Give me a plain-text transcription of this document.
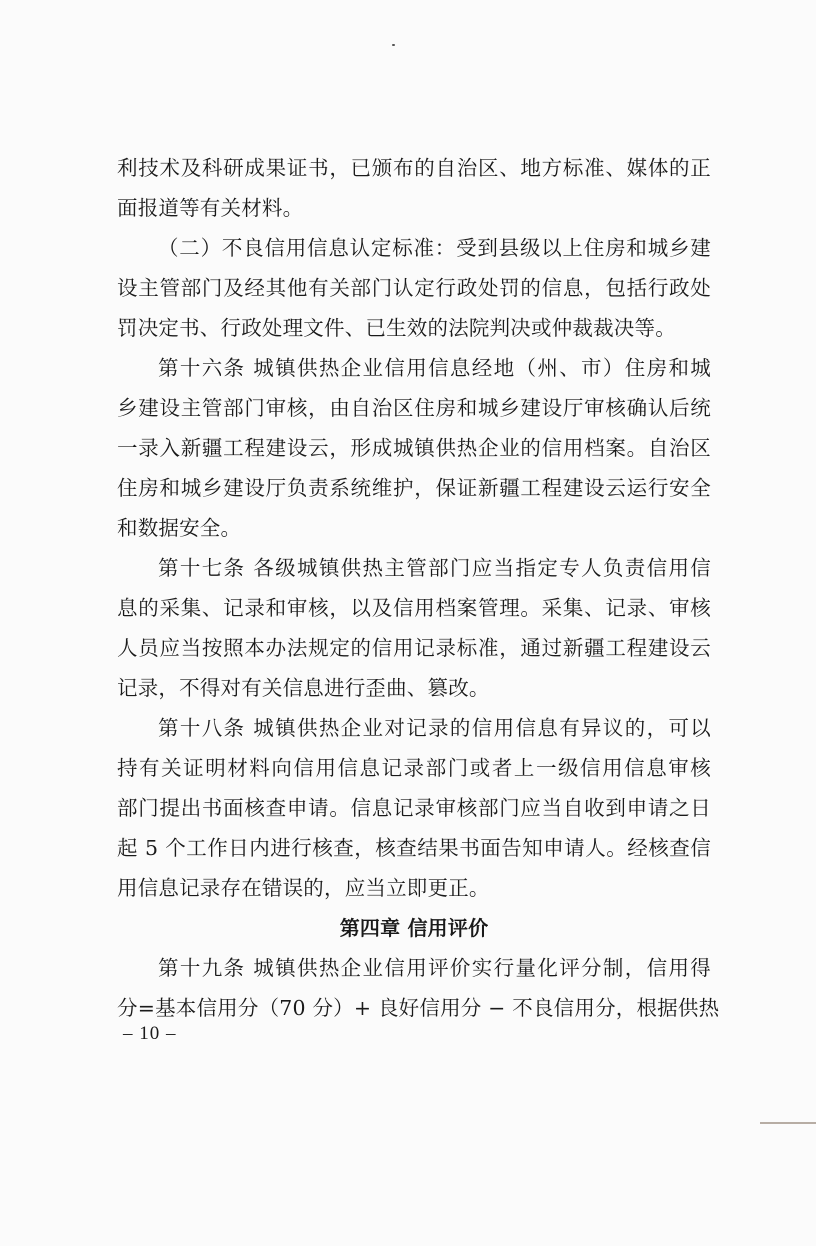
利技术及科研成果证书，已颁布的自治区、地方标准、媒体的正
面报道等有关材料。
（二）不良信用信息认定标准：受到县级以上住房和城乡建
设主管部门及经其他有关部门认定行政处罚的信息，包括行政处
罚决定书、行政处理文件、已生效的法院判决或仲裁裁决等。
第十六条 城镇供热企业信用信息经地（州、市）住房和城
乡建设主管部门审核，由自治区住房和城乡建设厅审核确认后统
一录入新疆工程建设云，形成城镇供热企业的信用档案。自治区
住房和城乡建设厅负责系统维护，保证新疆工程建设云运行安全
和数据安全。
第十七条 各级城镇供热主管部门应当指定专人负责信用信
息的采集、记录和审核，以及信用档案管理。采集、记录、审核
人员应当按照本办法规定的信用记录标准，通过新疆工程建设云
记录，不得对有关信息进行歪曲、篡改。
第十八条 城镇供热企业对记录的信用信息有异议的，可以
持有关证明材料向信用信息记录部门或者上一级信用信息审核
部门提出书面核查申请。信息记录审核部门应当自收到申请之日
起 5 个工作日内进行核查，核查结果书面告知申请人。经核查信
用信息记录存在错误的，应当立即更正。
第四章 信用评价
第十九条 城镇供热企业信用评价实行量化评分制，信用得
分=基本信用分（70 分）+ 良好信用分 − 不良信用分，根据供热
– 10 –
